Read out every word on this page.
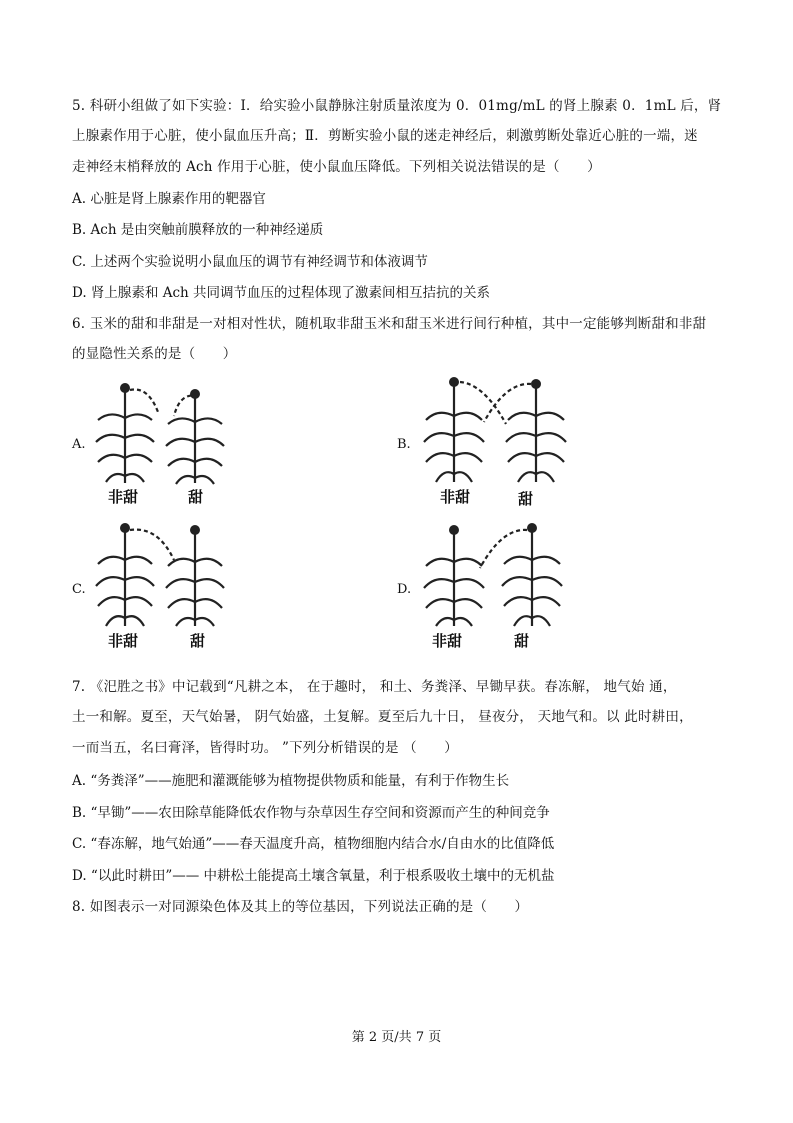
5. 科研小组做了如下实验：Ⅰ．给实验小鼠静脉注射质量浓度为 0．01mg/mL 的肾上腺素 0．1mL 后，肾
上腺素作用于心脏，使小鼠血压升高；Ⅱ．剪断实验小鼠的迷走神经后，刺激剪断处靠近心脏的一端，迷
走神经末梢释放的 Ach 作用于心脏，使小鼠血压降低。下列相关说法错误的是（　　）
A. 心脏是肾上腺素作用的靶器官
B. Ach 是由突触前膜释放的一种神经递质
C. 上述两个实验说明小鼠血压的调节有神经调节和体液调节
D. 肾上腺素和 Ach 共同调节血压的过程体现了激素间相互拮抗的关系
6. 玉米的甜和非甜是一对相对性状，随机取非甜玉米和甜玉米进行间行种植，其中一定能够判断甜和非甜
的显隐性关系的是（　　）
A.
非甜	甜
B.
非甜	甜
C.
非甜	甜
D.
非甜	甜
7. 《汜胜之书》中记载到“凡耕之本， 在于趣时， 和土、务粪泽、早锄早获。春冻解， 地气始 通，
土一和解。夏至，天气始暑， 阴气始盛，土复解。夏至后九十日， 昼夜分， 天地气和。以 此时耕田，
一而当五，名曰膏泽，皆得时功。 ”下列分析错误的是 （　　）
A. “务粪泽”——施肥和灌溉能够为植物提供物质和能量，有利于作物生长
B. “早锄”——农田除草能降低农作物与杂草因生存空间和资源而产生的种间竞争
C. “春冻解，地气始通”——春天温度升高，植物细胞内结合水/自由水的比值降低
D. “以此时耕田”—— 中耕松土能提高土壤含氧量，利于根系吸收土壤中的无机盐
8. 如图表示一对同源染色体及其上的等位基因，下列说法正确的是（　　）
第 2 页/共 7 页
